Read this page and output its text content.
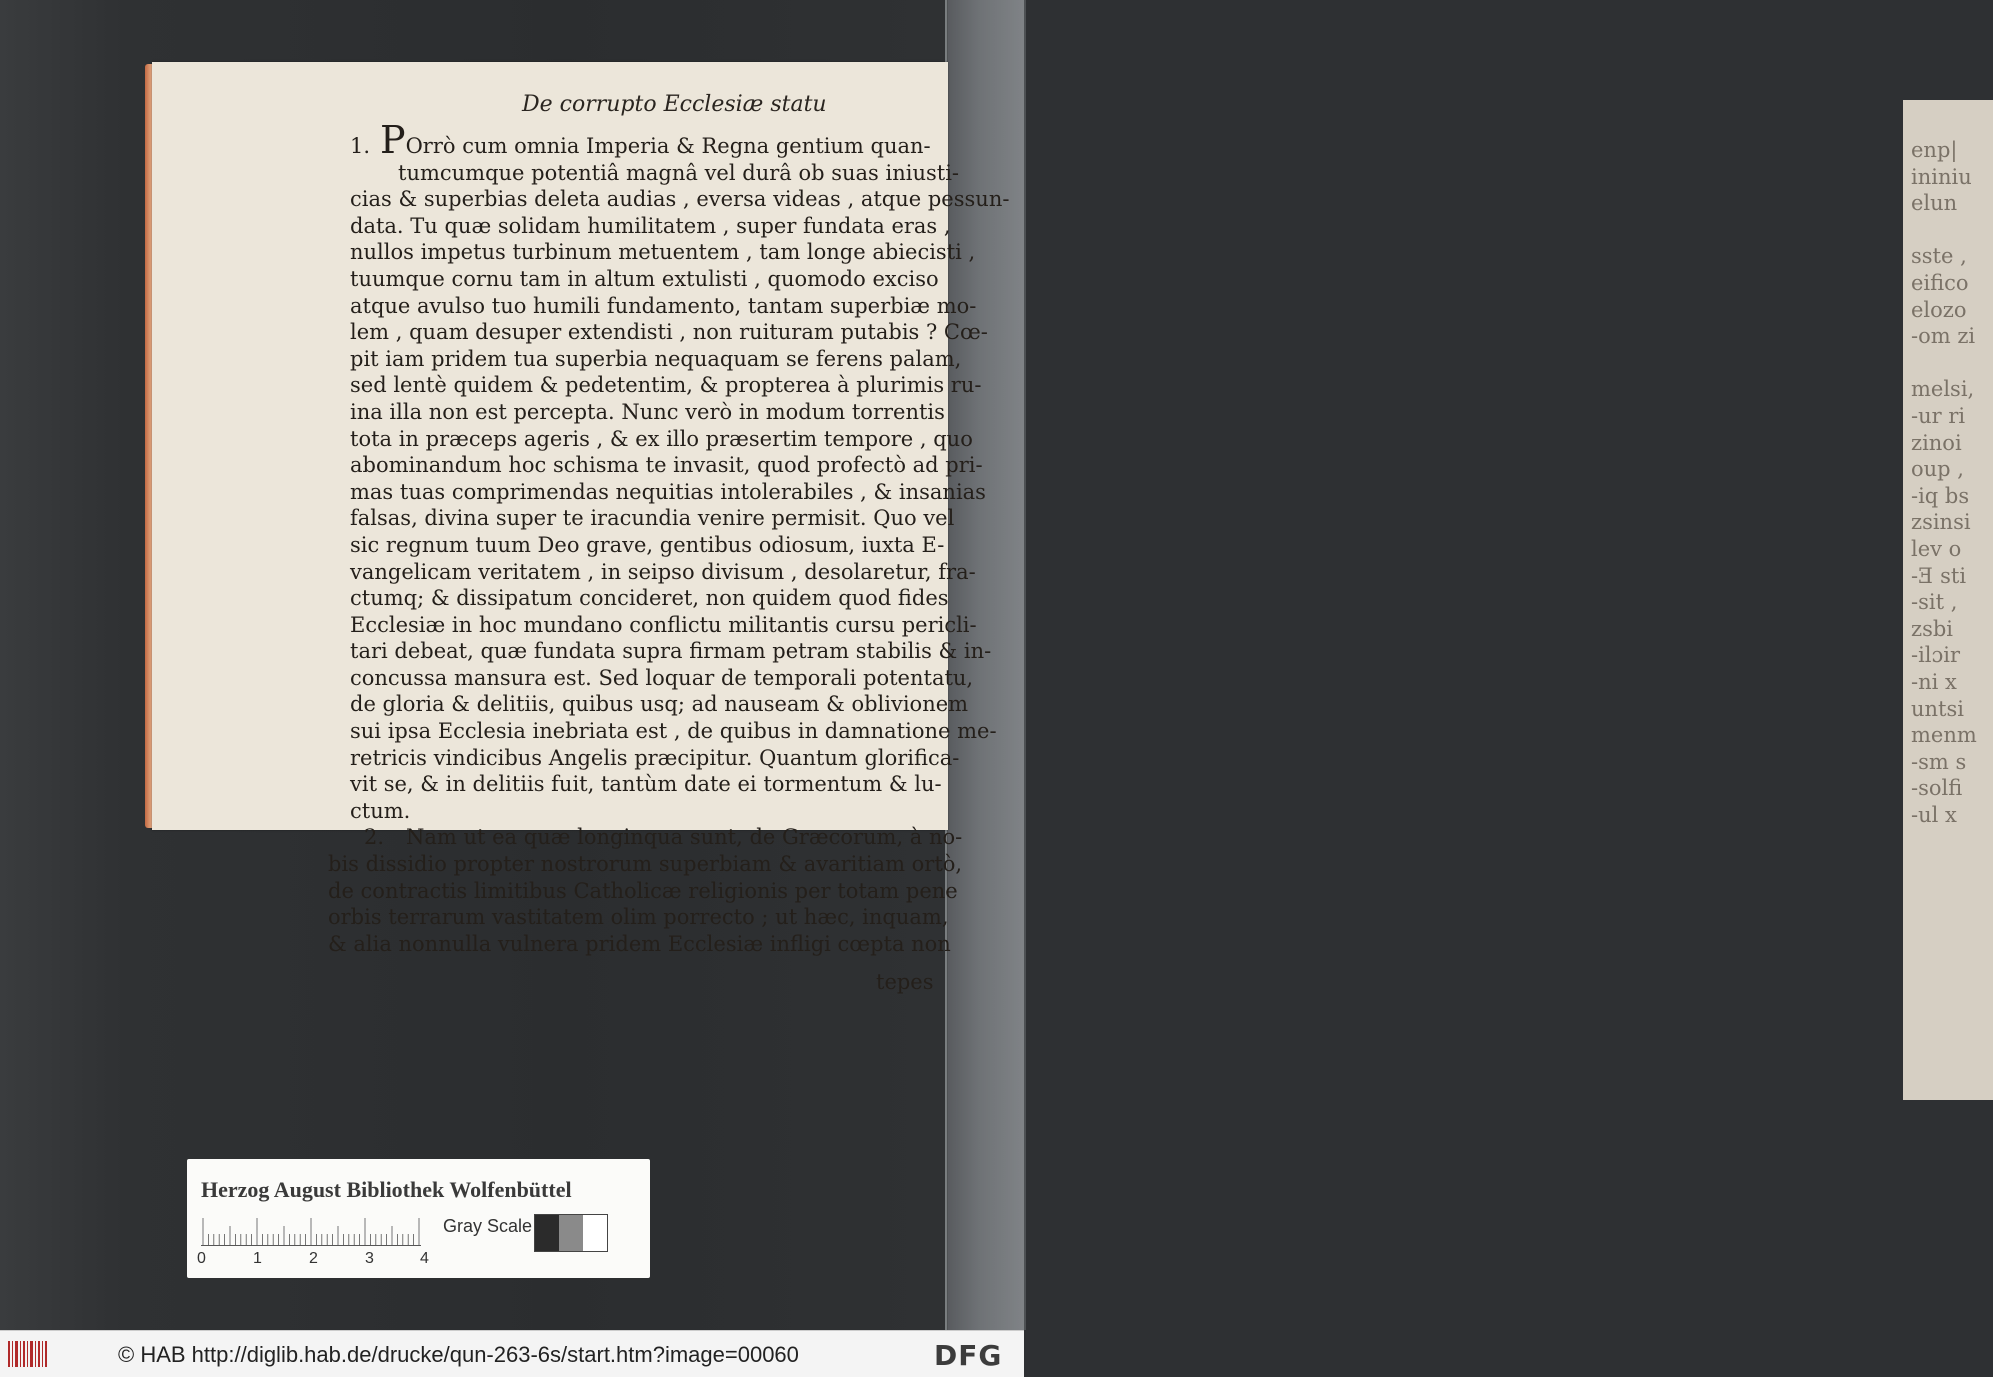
enp|
ininiu
elun
sste ,
eifico
elozo
-om zi
melsi,
-ur ri
zinoi
oup ,
-iq bs
zsinsi
lev o
-Ǝ sti
-sit ,
zsbi
-ilɔir
-ni x
untsi
menm
-sm s
-solfi
-ul x
De corrupto Ecclesiæ statu
1. POrrò cum omnia Imperia & Regna gentium quan-
tumcumque potentiâ magnâ vel durâ ob suas iniusti-
cias & superbias deleta audias , eversa videas , atque pessun-
data. Tu quæ solidam humilitatem , super fundata eras ,
nullos impetus turbinum metuentem , tam longe abiecisti ,
tuumque cornu tam in altum extulisti , quomodo exciso
atque avulso tuo humili fundamento, tantam superbiæ mo-
lem , quam desuper extendisti , non ruituram putabis ? Cœ-
pit iam pridem tua superbia nequaquam se ferens palam,
sed lentè quidem & pedetentim, & propterea à plurimis ru-
ina illa non est percepta. Nunc verò in modum torrentis
tota in præceps ageris , & ex illo præsertim tempore , quo
abominandum hoc schisma te invasit, quod profectò ad pri-
mas tuas comprimendas nequitias intolerabiles , & insanias
falsas, divina super te iracundia venire permisit. Quo vel
sic regnum tuum Deo grave, gentibus odiosum, iuxta E-
vangelicam veritatem , in seipso divisum , desolaretur, fra-
ctumq; & dissipatum concideret, non quidem quod fides
Ecclesiæ in hoc mundano conflictu militantis cursu pericli-
tari debeat, quæ fundata supra firmam petram stabilis & in-
concussa mansura est. Sed loquar de temporali potentatu,
de gloria & delitiis, quibus usq; ad nauseam & oblivionem
sui ipsa Ecclesia inebriata est , de quibus in damnatione me-
retricis vindicibus Angelis præcipitur. Quantum glorifica-
vit se, & in delitiis fuit, tantùm date ei tormentum & lu-
ctum.
2. Nam ut ea quæ longinqua sunt, de Græcorum, à no-
bis dissidio propter nostrorum superbiam & avaritiam ortò,
de contractis limitibus Catholicæ religionis per totam pene
orbis terrarum vastitatem olim porrecto ; ut hæc, inquam,
& alia nonnulla vulnera pridem Ecclesiæ infligi cœpta non
tepes
Herzog August Bibliothek Wolfenbüttel
0	1	2	3	4
Gray Scale
© HAB http://diglib.hab.de/drucke/qun-263-6s/start.htm?image=00060	DFG
